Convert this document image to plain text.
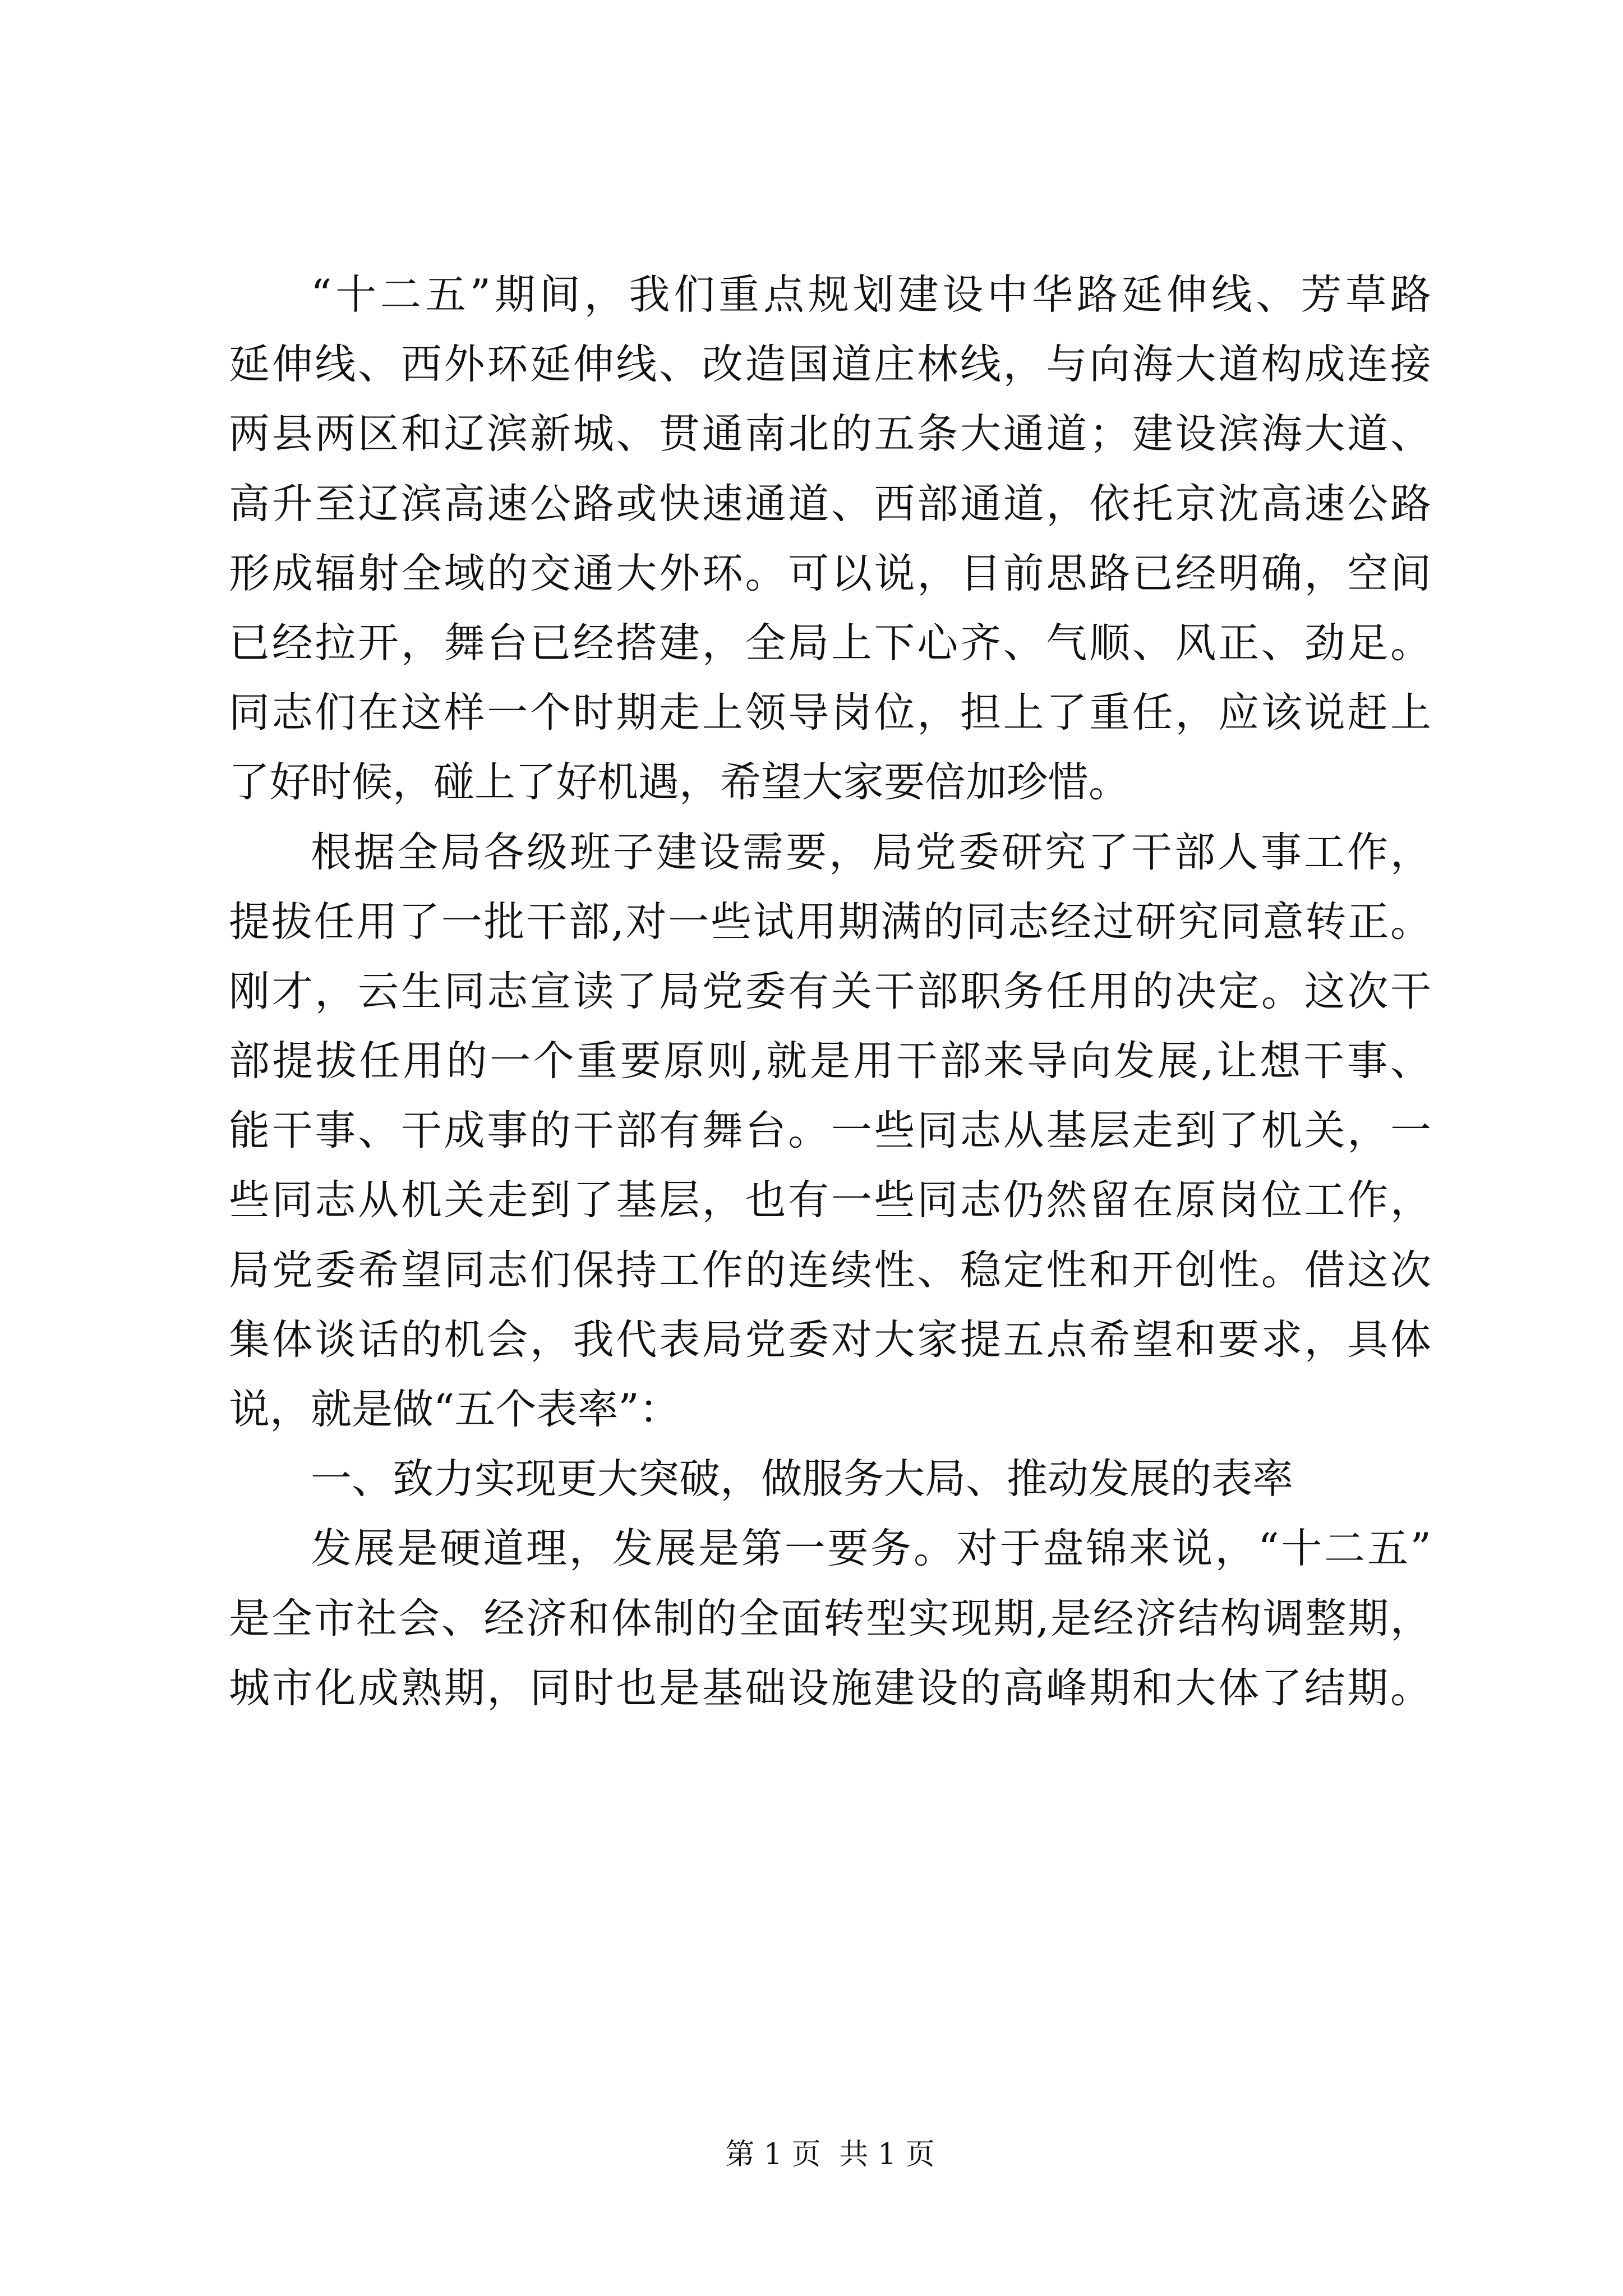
“十二五”期间，我们重点规划建设中华路延伸线、芳草路
延伸线、西外环延伸线、改造国道庄林线，与向海大道构成连接
两县两区和辽滨新城、贯通南北的五条大通道；建设滨海大道、
高升至辽滨高速公路或快速通道、西部通道，依托京沈高速公路
形成辐射全域的交通大外环。可以说，目前思路已经明确，空间
已经拉开，舞台已经搭建，全局上下心齐、气顺、风正、劲足。
同志们在这样一个时期走上领导岗位，担上了重任，应该说赶上
了好时候，碰上了好机遇，希望大家要倍加珍惜。
根据全局各级班子建设需要，局党委研究了干部人事工作，
提拔任用了一批干部,对一些试用期满的同志经过研究同意转正。
刚才，云生同志宣读了局党委有关干部职务任用的决定。这次干
部提拔任用的一个重要原则,就是用干部来导向发展,让想干事、
能干事、干成事的干部有舞台。一些同志从基层走到了机关，一
些同志从机关走到了基层，也有一些同志仍然留在原岗位工作，
局党委希望同志们保持工作的连续性、稳定性和开创性。借这次
集体谈话的机会，我代表局党委对大家提五点希望和要求，具体
说，就是做“五个表率”：
一、致力实现更大突破，做服务大局、推动发展的表率
发展是硬道理，发展是第一要务。对于盘锦来说，“十二五”
是全市社会、经济和体制的全面转型实现期,是经济结构调整期，
城市化成熟期，同时也是基础设施建设的高峰期和大体了结期。
第 1 页  共 1 页
